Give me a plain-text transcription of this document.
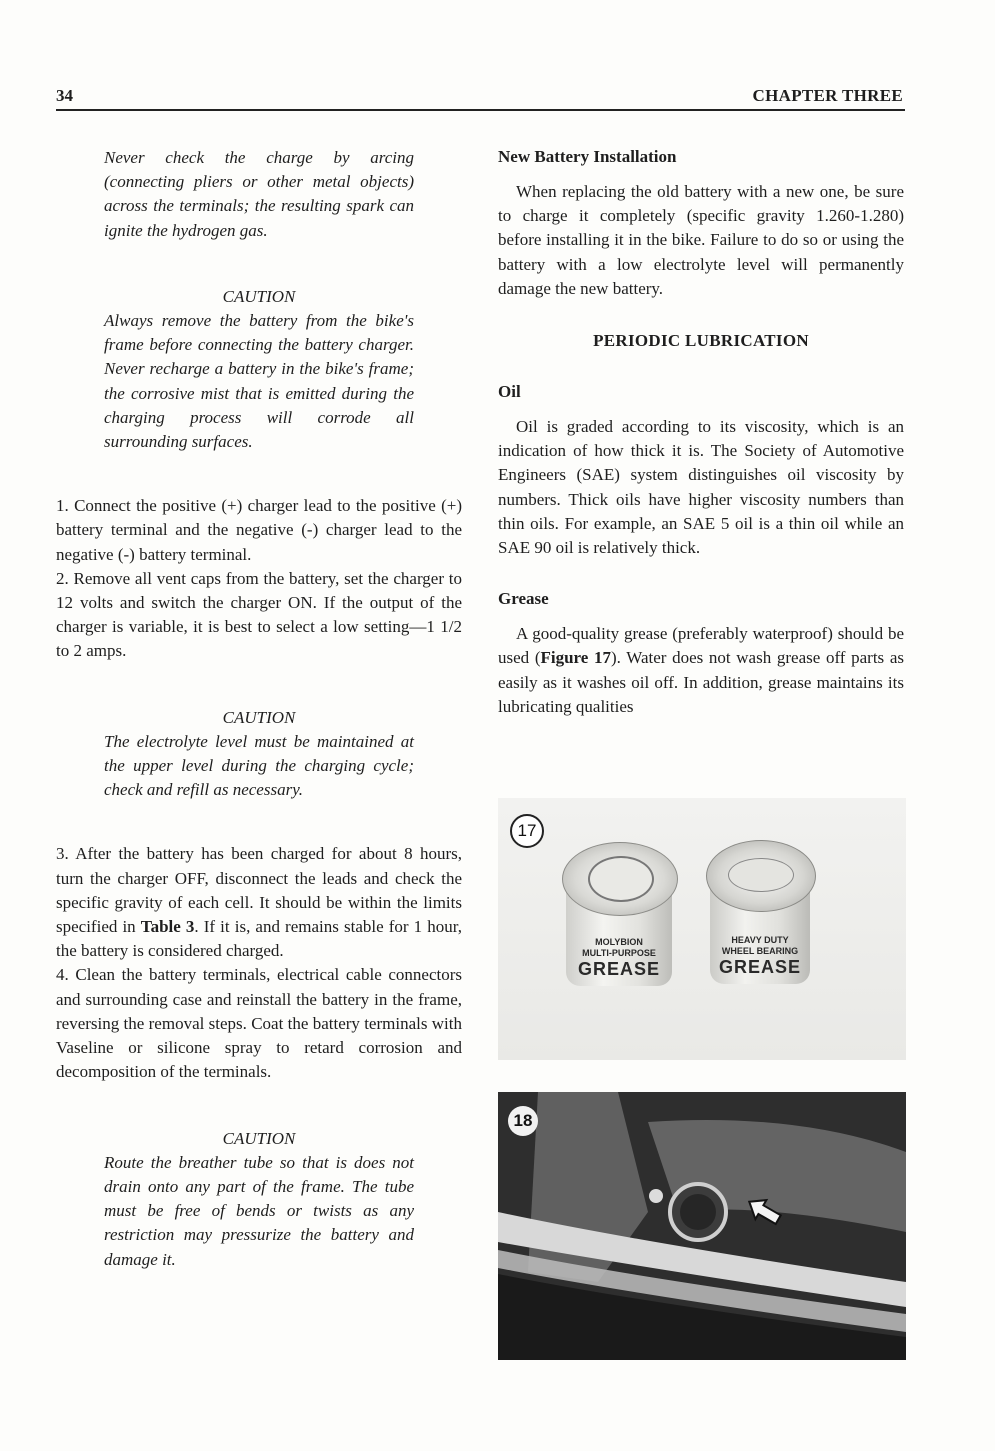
34	CHAPTER THREE
Never check the charge by arcing (connecting pliers or other metal objects) across the terminals; the resulting spark can ignite the hydrogen gas.
CAUTION
Always remove the battery from the bike's frame before connecting the battery charger. Never recharge a battery in the bike's frame; the corrosive mist that is emitted during the charging process will corrode all surrounding surfaces.

1. Connect the positive (+) charger lead to the positive (+) battery terminal and the negative (-) charger lead to the negative (-) battery terminal.

2. Remove all vent caps from the battery, set the charger to 12 volts and switch the charger ON. If the output of the charger is variable, it is best to select a low setting—1 1/2 to 2 amps.

CAUTION
The electrolyte level must be maintained at the upper level during the charging cycle; check and refill as necessary.

3. After the battery has been charged for about 8 hours, turn the charger OFF, disconnect the leads and check the specific gravity of each cell. It should be within the limits specified in Table 3. If it is, and remains stable for 1 hour, the battery is considered charged.

4. Clean the battery terminals, electrical cable connectors and surrounding case and reinstall the battery in the frame, reversing the removal steps. Coat the battery terminals with Vaseline or silicone spray to retard corrosion and decomposition of the terminals.

CAUTION
Route the breather tube so that is does not drain onto any part of the frame. The tube must be free of bends or twists as any restriction may pressurize the battery and damage it.
New Battery Installation

When replacing the old battery with a new one, be sure to charge it completely (specific gravity 1.260-1.280) before installing it in the bike. Failure to do so or using the battery with a low electrolyte level will permanently damage the new battery.

PERIODIC LUBRICATION
Oil

Oil is graded according to its viscosity, which is an indication of how thick it is. The Society of Automotive Engineers (SAE) system distinguishes oil viscosity by numbers. Thick oils have higher viscosity numbers than thin oils. For example, an SAE 5 oil is a thin oil while an SAE 90 oil is relatively thick.

Grease

A good-quality grease (preferably waterproof) should be used (Figure 17). Water does not wash grease off parts as easily as it washes oil off. In addition, grease maintains its lubricating qualities

17
MOLYBION
MULTI-PURPOSE
GREASE
HEAVY DUTY
WHEEL BEARING
GREASE
18
